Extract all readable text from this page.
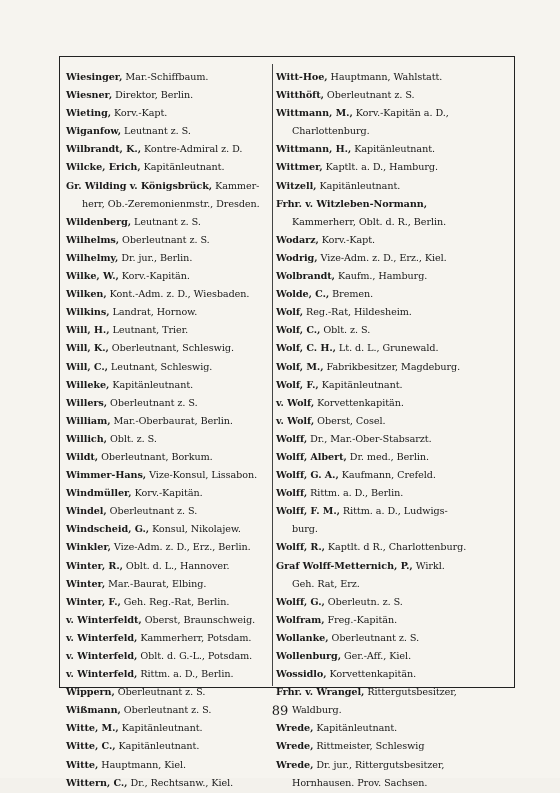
Wiesinger, Mar.-Schiffbaum.
Wiesner, Direktor, Berlin.
Wieting, Korv.-Kapt.
Wiganfow, Leutnant z. S.
Wilbrandt, K., Kontre-Admiral z. D.
Wilcke, Erich, Kapitänleutnant.
Gr. Wilding v. Königsbrück, Kammer-
herr, Ob.-Zeremonienmstr., Dresden.
Wildenberg, Leutnant z. S.
Wilhelms, Oberleutnant z. S.
Wilhelmy, Dr. jur., Berlin.
Wilke, W., Korv.-Kapitän.
Wilken, Kont.-Adm. z. D., Wiesbaden.
Wilkins, Landrat, Hornow.
Will, H., Leutnant, Trier.
Will, K., Oberleutnant, Schleswig.
Will, C., Leutnant, Schleswig.
Willeke, Kapitänleutnant.
Willers, Oberleutnant z. S.
William, Mar.-Oberbaurat, Berlin.
Willich, Oblt. z. S.
Wildt, Oberleutnant, Borkum.
Wimmer-Hans, Vize-Konsul, Lissabon.
Windmüller, Korv.-Kapitän.
Windel, Oberleutnant z. S.
Windscheid, G., Konsul, Nikolajew.
Winkler, Vize-Adm. z. D., Erz., Berlin.
Winter, R., Oblt. d. L., Hannover.
Winter, Mar.-Baurat, Elbing.
Winter, F., Geh. Reg.-Rat, Berlin.
v. Winterfeldt, Oberst, Braunschweig.
v. Winterfeld, Kammerherr, Potsdam.
v. Winterfeld, Oblt. d. G.-L., Potsdam.
v. Winterfeld, Rittm. a. D., Berlin.
Wippern, Oberleutnant z. S.
Wißmann, Oberleutnant z. S.
Witte, M., Kapitänleutnant.
Witte, C., Kapitänleutnant.
Witte, Hauptmann, Kiel.
Wittern, C., Dr., Rechtsanw., Kiel.
Witt-Hoe, Hauptmann, Wahlstatt.
Witthöft, Oberleutnant z. S.
Wittmann, M., Korv.-Kapitän a. D.,
Charlottenburg.
Wittmann, H., Kapitänleutnant.
Wittmer, Kaptlt. a. D., Hamburg.
Witzell, Kapitänleutnant.
Frhr. v. Witzleben-Normann,
Kammerherr, Oblt. d. R., Berlin.
Wodarz, Korv.-Kapt.
Wodrig, Vize-Adm. z. D., Erz., Kiel.
Wolbrandt, Kaufm., Hamburg.
Wolde, C., Bremen.
Wolf, Reg.-Rat, Hildesheim.
Wolf, C., Oblt. z. S.
Wolf, C. H., Lt. d. L., Grunewald.
Wolf, M., Fabrikbesitzer, Magdeburg.
Wolf, F., Kapitänleutnant.
v. Wolf, Korvettenkapitän.
v. Wolf, Oberst, Cosel.
Wolff, Dr., Mar.-Ober-Stabsarzt.
Wolff, Albert, Dr. med., Berlin.
Wolff, G. A., Kaufmann, Crefeld.
Wolff, Rittm. a. D., Berlin.
Wolff, F. M., Rittm. a. D., Ludwigs-
burg.
Wolff, R., Kaptlt. d R., Charlottenburg.
Graf Wolff-Metternich, P., Wirkl.
Geh. Rat, Erz.
Wolff, G., Oberleutn. z. S.
Wolfram, Freg.-Kapitän.
Wollanke, Oberleutnant z. S.
Wollenburg, Ger.-Aff., Kiel.
Wossidlo, Korvettenkapitän.
Frhr. v. Wrangel, Rittergutsbesitzer,
Waldburg.
Wrede, Kapitänleutnant.
Wrede, Rittmeister, Schleswig
Wrede, Dr. jur., Rittergutsbesitzer,
Hornhausen. Prov. Sachsen.
89
